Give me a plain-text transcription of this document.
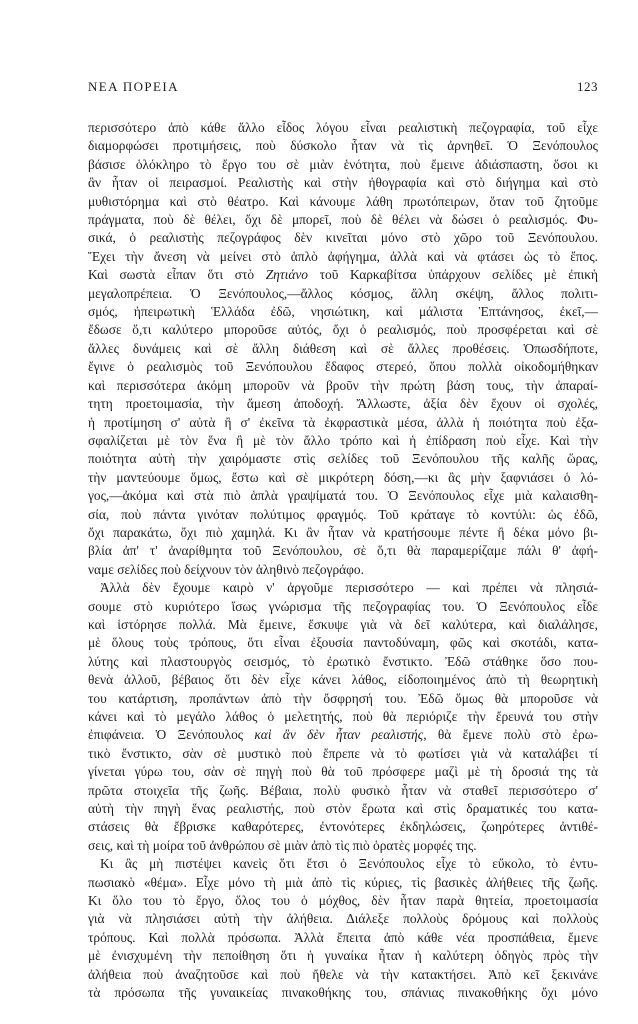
ΝΕΑ ΠΟΡΕΙΑ	123
περισσότερο ἀπὸ κάθε ἄλλο εἶδος λόγου εἶναι ρεαλιστικὴ πεζογραφία, τοῦ εἶχε
διαμορφώσει προτιμήσεις, ποὺ δύσκολο ἦταν νὰ τὶς ἀρνηθεῖ. Ὁ Ξενόπουλος
βάσισε ὁλόκληρο τὸ ἔργο του σὲ μιὰν ἑνότητα, ποὺ ἔμεινε ἀδιάσπαστη, ὅσοι κι
ἂν ἦταν οἱ πειρασμοί. Ρεαλιστὴς καὶ στὴν ἠθογραφία καὶ στὸ διήγημα καὶ στὸ
μυθιστόρημα καὶ στὸ θέατρο. Καὶ κάνουμε λάθη πρωτόπειρων, ὅταν τοῦ ζητοῦμε
πράγματα, ποὺ δὲ θέλει, ὄχι δὲ μπορεῖ, ποὺ δὲ θέλει νὰ δώσει ὁ ρεαλισμός. Φυ-
σικά, ὁ ρεαλιστὴς πεζογράφος δὲν κινεῖται μόνο στὸ χῶρο τοῦ Ξενόπουλου.
Ἔχει τὴν ἄνεση νὰ μείνει στὸ ἁπλὸ ἀφήγημα, ἀλλὰ καὶ νὰ φτάσει ὡς τὸ ἔπος.
Καὶ σωστὰ εἶπαν ὅτι στὸ Ζητιάνο τοῦ Καρκαβίτσα ὑπάρχουν σελίδες μὲ ἐπικὴ
μεγαλοπρέπεια. Ὁ Ξενόπουλος,—ἄλλος κόσμος, ἄλλη σκέψη, ἄλλος πολιτι-
σμός, ἠπειρωτικὴ Ἑλλάδα ἐδῶ, νησιώτικη, καὶ μάλιστα Ἑπτάνησος, ἐκεῖ,—
ἔδωσε ὅ,τι καλύτερο μποροῦσε αὐτός, ὄχι ὁ ρεαλισμός, ποὺ προσφέρεται καὶ σὲ
ἄλλες δυνάμεις καὶ σὲ ἄλλη διάθεση καὶ σὲ ἄλλες προθέσεις. Ὁπωσδήποτε,
ἔγινε ὁ ρεαλισμὸς τοῦ Ξενόπουλου ἔδαφος στερεό, ὅπου πολλὰ οἰκοδομήθηκαν
καὶ περισσότερα ἀκόμη μποροῦν νὰ βροῦν τὴν πρώτη βάση τους, τὴν ἀπαραί-
τητη προετοιμασία, τὴν ἄμεση ἀποδοχή. Ἄλλωστε, ἀξία δὲν ἔχουν οἱ σχολές,
ἡ προτίμηση σ' αὐτὰ ἢ σ' ἐκεῖνα τὰ ἐκφραστικὰ μέσα, ἀλλὰ ἡ ποιότητα ποὺ ἐξα-
σφαλίζεται μὲ τὸν ἕνα ἢ μὲ τὸν ἄλλο τρόπο καὶ ἡ ἐπίδραση ποὺ εἶχε. Καὶ τὴν
ποιότητα αὐτὴ τὴν χαιρόμαστε στὶς σελίδες τοῦ Ξενόπουλου τῆς καλῆς ὥρας,
τὴν μαντεύουμε ὅμως, ἔστω καὶ σὲ μικρότερη δόση,—κι ἂς μὴν ξαφνιάσει ὁ λό-
γος,—ἀκόμα καὶ στὰ πιὸ ἁπλὰ γραψίματά του. Ὁ Ξενόπουλος εἶχε μιὰ καλαισθη-
σία, ποὺ πάντα γινόταν πολύτιμος φραγμός. Τοῦ κράταγε τὸ κοντύλι: ὡς ἐδῶ,
ὄχι παρακάτω, ὄχι πιὸ χαμηλά. Κι ἂν ἦταν νὰ κρατήσουμε πέντε ἢ δέκα μόνο βι-
βλία ἀπ' τ' ἀναρίθμητα τοῦ Ξενόπουλου, σὲ ὅ,τι θὰ παραμερίζαμε πάλι θ' ἀφή-
ναμε σελίδες ποὺ δείχνουν τὸν ἀληθινὸ πεζογράφο.
Ἀλλὰ δὲν ἔχουμε καιρὸ ν' ἀργοῦμε περισσότερο — καὶ πρέπει νὰ πλησιά-
σουμε στὸ κυριότερο ἴσως γνώρισμα τῆς πεζογραφίας του. Ὁ Ξενόπουλος εἶδε
καὶ ἱστόρησε πολλά. Μὰ ἔμεινε, ἔσκυψε γιὰ νὰ δεῖ καλύτερα, καὶ διαλάλησε,
μὲ ὅλους τοὺς τρόπους, ὅτι εἶναι ἐξουσία παντοδύναμη, φῶς καὶ σκοτάδι, κατα-
λύτης καὶ πλαστουργὸς σεισμός, τὸ ἐρωτικὸ ἔνστικτο. Ἐδῶ στάθηκε ὅσο που-
θενὰ ἀλλοῦ, βέβαιος ὅτι δὲν εἶχε κάνει λάθος, εἰδοποιημένος ἀπὸ τὴ θεωρητικὴ
του κατάρτιση, προπάντων ἀπὸ τὴν ὄσφρησή του. Ἐδῶ ὅμως θὰ μποροῦσε νὰ
κάνει καὶ τὸ μεγάλο λάθος ὁ μελετητής, ποὺ θὰ περιόριζε τὴν ἔρευνά του στὴν
ἐπιφάνεια. Ὁ Ξενόπουλος καὶ ἂν δὲν ἦταν ρεαλιστής, θὰ ἔμενε πολὺ στὸ ἐρω-
τικὸ ἔνστικτο, σὰν σὲ μυστικὸ ποὺ ἔπρεπε νὰ τὸ φωτίσει γιὰ νὰ καταλάβει τί
γίνεται γύρω του, σὰν σὲ πηγὴ ποὺ θὰ τοῦ πρόσφερε μαζὶ μὲ τὴ δροσιά της τὰ
πρῶτα στοιχεῖα τῆς ζωῆς. Βέβαια, πολὺ φυσικὸ ἦταν νὰ σταθεῖ περισσότερο σ'
αὐτὴ τὴν πηγὴ ἕνας ρεαλιστής, ποὺ στὸν ἔρωτα καὶ στὶς δραματικές του κατα-
στάσεις θὰ ἔβρισκε καθαρότερες, ἐντονότερες ἐκδηλώσεις, ζωηρότερες ἀντιθέ-
σεις, καὶ τὴ μοίρα τοῦ ἀνθρώπου σὲ μιὰν ἀπὸ τὶς πιὸ ὁρατὲς μορφές της.
Κι ἂς μὴ πιστέψει κανεὶς ὅτι ἔτσι ὁ Ξενόπουλος εἶχε τὸ εὔκολο, τὸ ἐντυ-
πωσιακὸ «θέμα». Εἶχε μόνο τὴ μιὰ ἀπὸ τὶς κύριες, τὶς βασικὲς ἀλήθειες τῆς ζωῆς.
Κι ὅλο του τὸ ἔργο, ὅλος του ὁ μόχθος, δὲν ἦταν παρὰ θητεία, προετοιμασία
γιὰ νὰ πλησιάσει αὐτὴ τὴν ἀλήθεια. Διάλεξε πολλοὺς δρόμους καὶ πολλοὺς
τρόπους. Καὶ πολλὰ πρόσωπα. Ἀλλὰ ἔπειτα ἀπὸ κάθε νέα προσπάθεια, ἔμενε
μὲ ἐνισχυμένη τὴν πεποίθηση ὅτι ἡ γυναίκα ἦταν ἡ καλύτερη ὁδηγὸς πρὸς τὴν
ἀλήθεια ποὺ ἀναζητοῦσε καὶ ποὺ ἤθελε νὰ τὴν κατακτήσει. Ἀπὸ κεῖ ξεκινάνε
τὰ πρόσωπα τῆς γυναικείας πινακοθήκης του, σπάνιας πινακοθήκης ὄχι μόνο
